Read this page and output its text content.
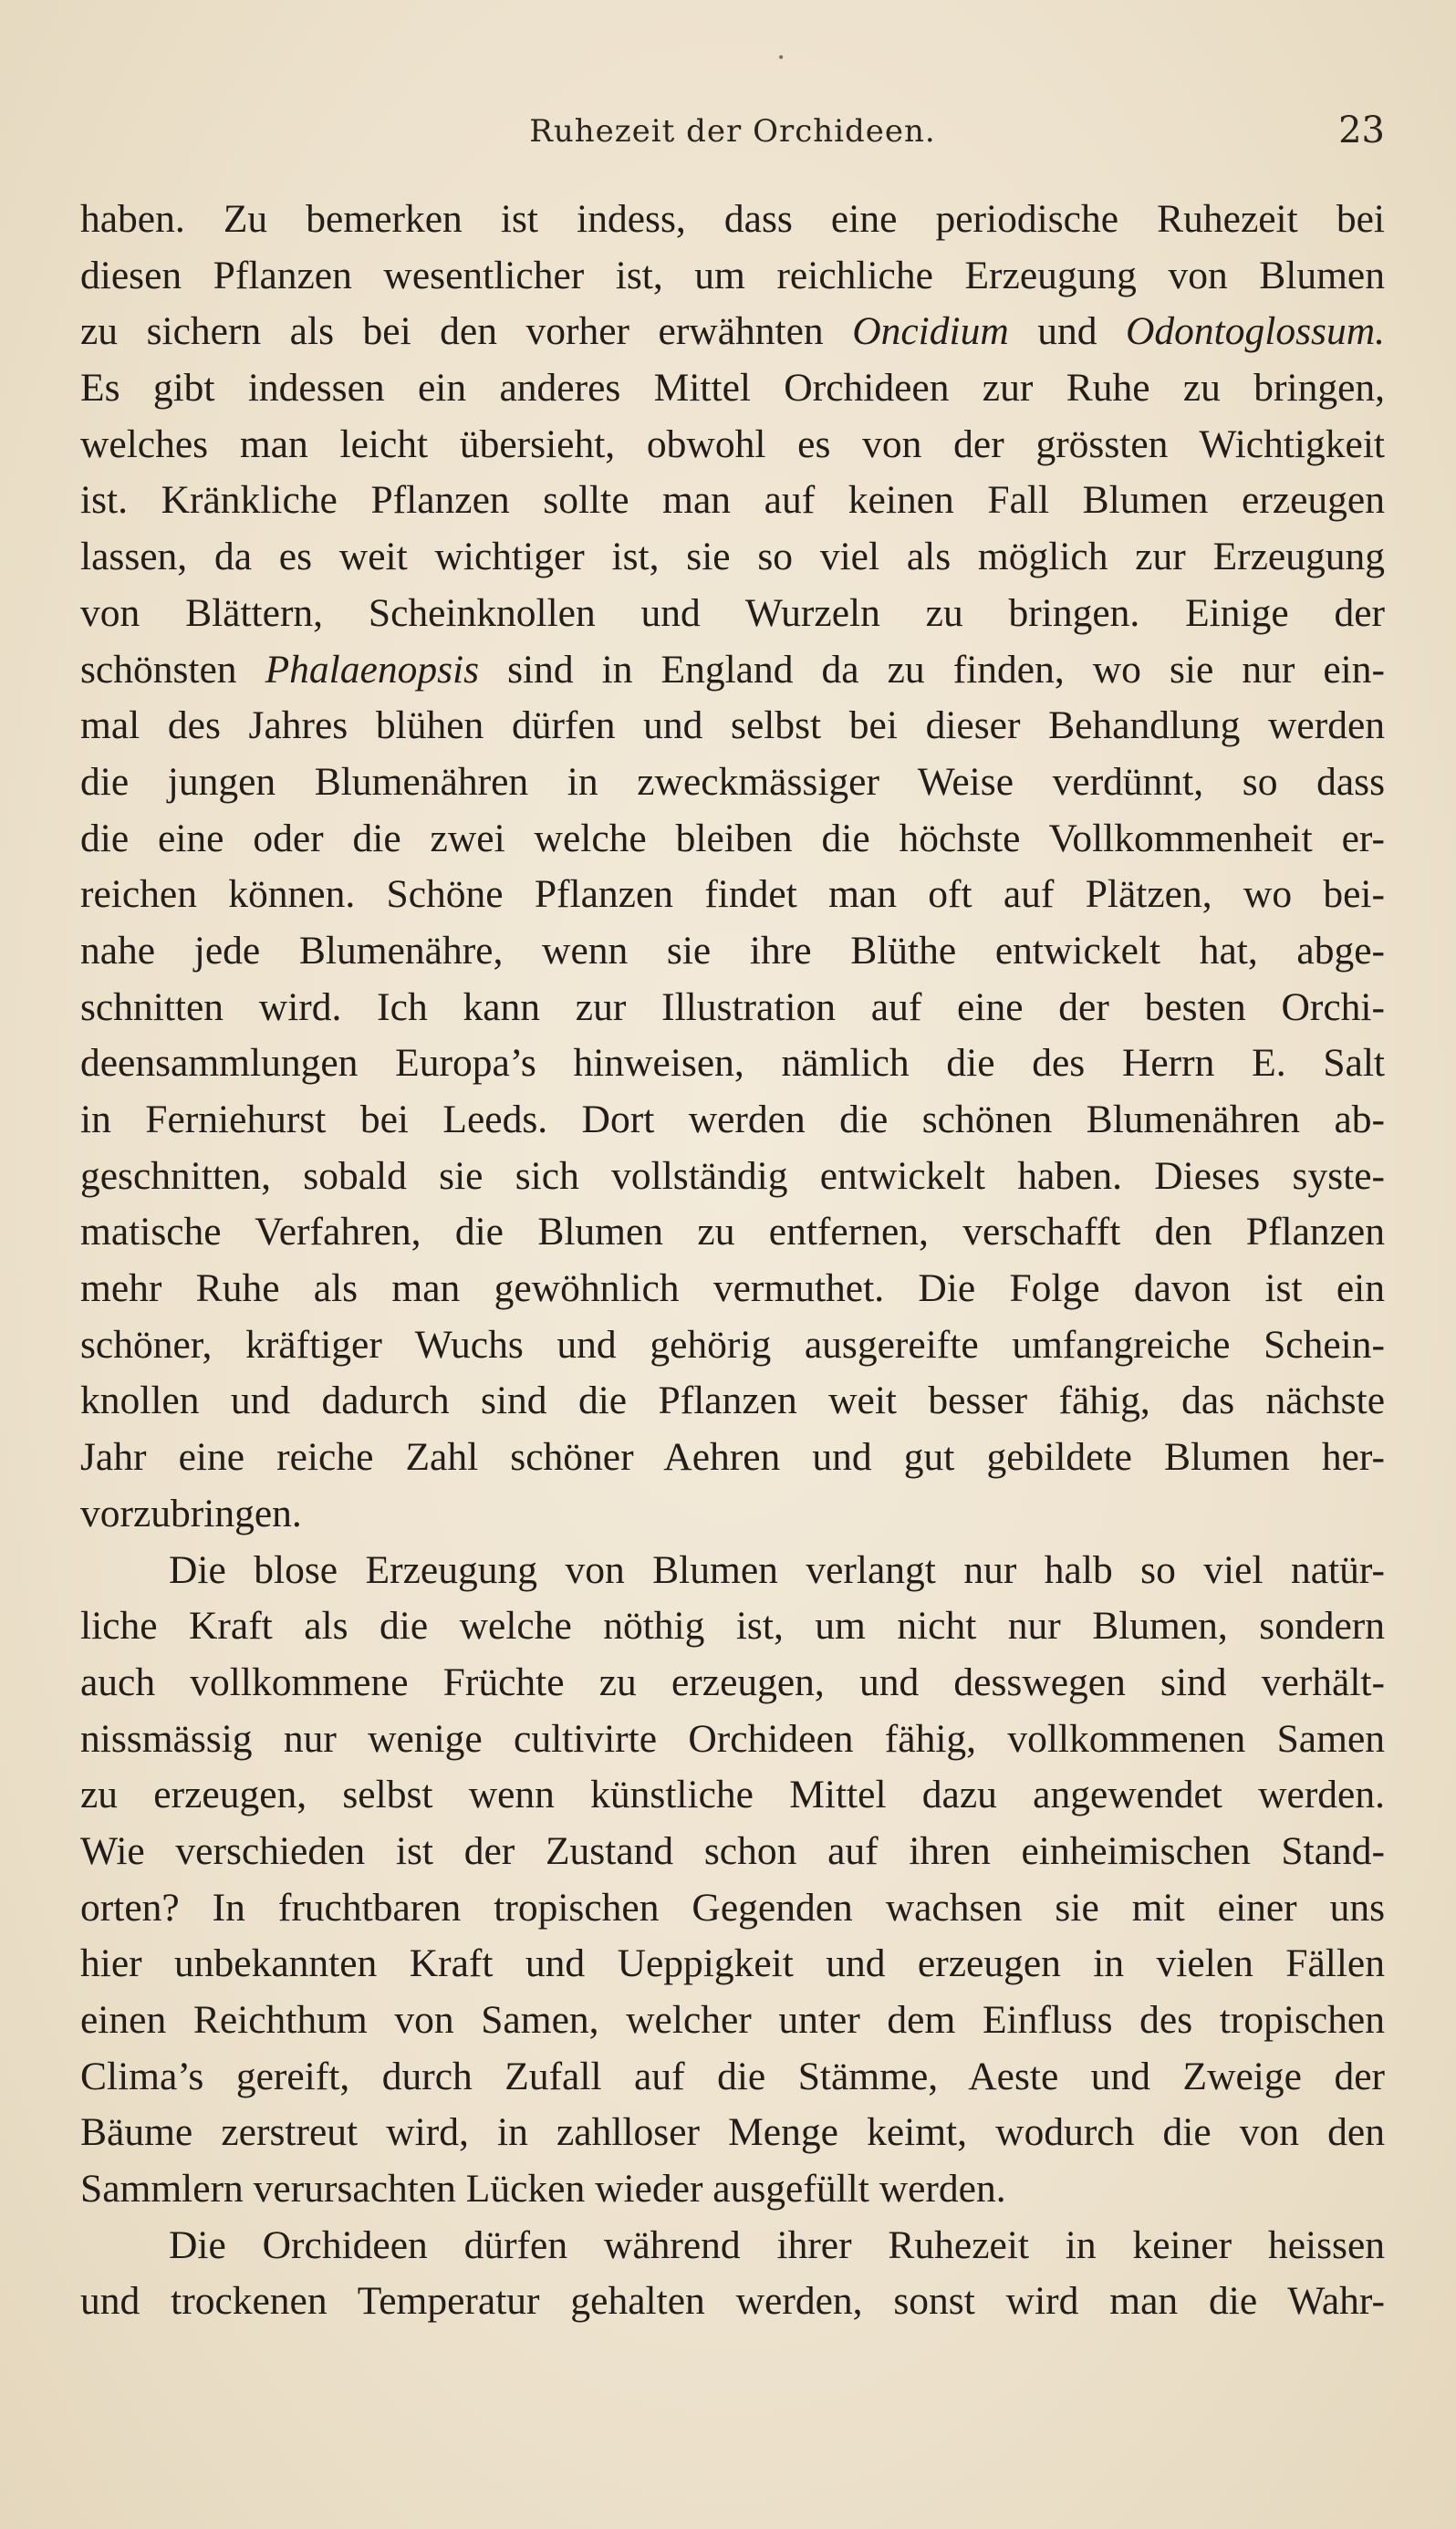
•
Ruhezeit der Orchideen.	23
haben. Zu bemerken ist indess, dass eine periodische Ruhezeit bei
diesen Pflanzen wesentlicher ist, um reichliche Erzeugung von Blumen
zu sichern als bei den vorher erwähnten Oncidium und Odontoglossum.
Es gibt indessen ein anderes Mittel Orchideen zur Ruhe zu bringen,
welches man leicht übersieht, obwohl es von der grössten Wichtigkeit
ist. Kränkliche Pflanzen sollte man auf keinen Fall Blumen erzeugen
lassen, da es weit wichtiger ist, sie so viel als möglich zur Erzeugung
von Blättern, Scheinknollen und Wurzeln zu bringen. Einige der
schönsten Phalaenopsis sind in England da zu finden, wo sie nur ein-
mal des Jahres blühen dürfen und selbst bei dieser Behandlung werden
die jungen Blumenähren in zweckmässiger Weise verdünnt, so dass
die eine oder die zwei welche bleiben die höchste Vollkommenheit er-
reichen können. Schöne Pflanzen findet man oft auf Plätzen, wo bei-
nahe jede Blumenähre, wenn sie ihre Blüthe entwickelt hat, abge-
schnitten wird. Ich kann zur Illustration auf eine der besten Orchi-
deensammlungen Europa’s hinweisen, nämlich die des Herrn E. Salt
in Ferniehurst bei Leeds. Dort werden die schönen Blumenähren ab-
geschnitten, sobald sie sich vollständig entwickelt haben. Dieses syste-
matische Verfahren, die Blumen zu entfernen, verschafft den Pflanzen
mehr Ruhe als man gewöhnlich vermuthet. Die Folge davon ist ein
schöner, kräftiger Wuchs und gehörig ausgereifte umfangreiche Schein-
knollen und dadurch sind die Pflanzen weit besser fähig, das nächste
Jahr eine reiche Zahl schöner Aehren und gut gebildete Blumen her-
vorzubringen.
Die blose Erzeugung von Blumen verlangt nur halb so viel natür-
liche Kraft als die welche nöthig ist, um nicht nur Blumen, sondern
auch vollkommene Früchte zu erzeugen, und desswegen sind verhält-
nissmässig nur wenige cultivirte Orchideen fähig, vollkommenen Samen
zu erzeugen, selbst wenn künstliche Mittel dazu angewendet werden.
Wie verschieden ist der Zustand schon auf ihren einheimischen Stand-
orten? In fruchtbaren tropischen Gegenden wachsen sie mit einer uns
hier unbekannten Kraft und Ueppigkeit und erzeugen in vielen Fällen
einen Reichthum von Samen, welcher unter dem Einfluss des tropischen
Clima’s gereift, durch Zufall auf die Stämme, Aeste und Zweige der
Bäume zerstreut wird, in zahlloser Menge keimt, wodurch die von den
Sammlern verursachten Lücken wieder ausgefüllt werden.
Die Orchideen dürfen während ihrer Ruhezeit in keiner heissen
und trockenen Temperatur gehalten werden, sonst wird man die Wahr-
